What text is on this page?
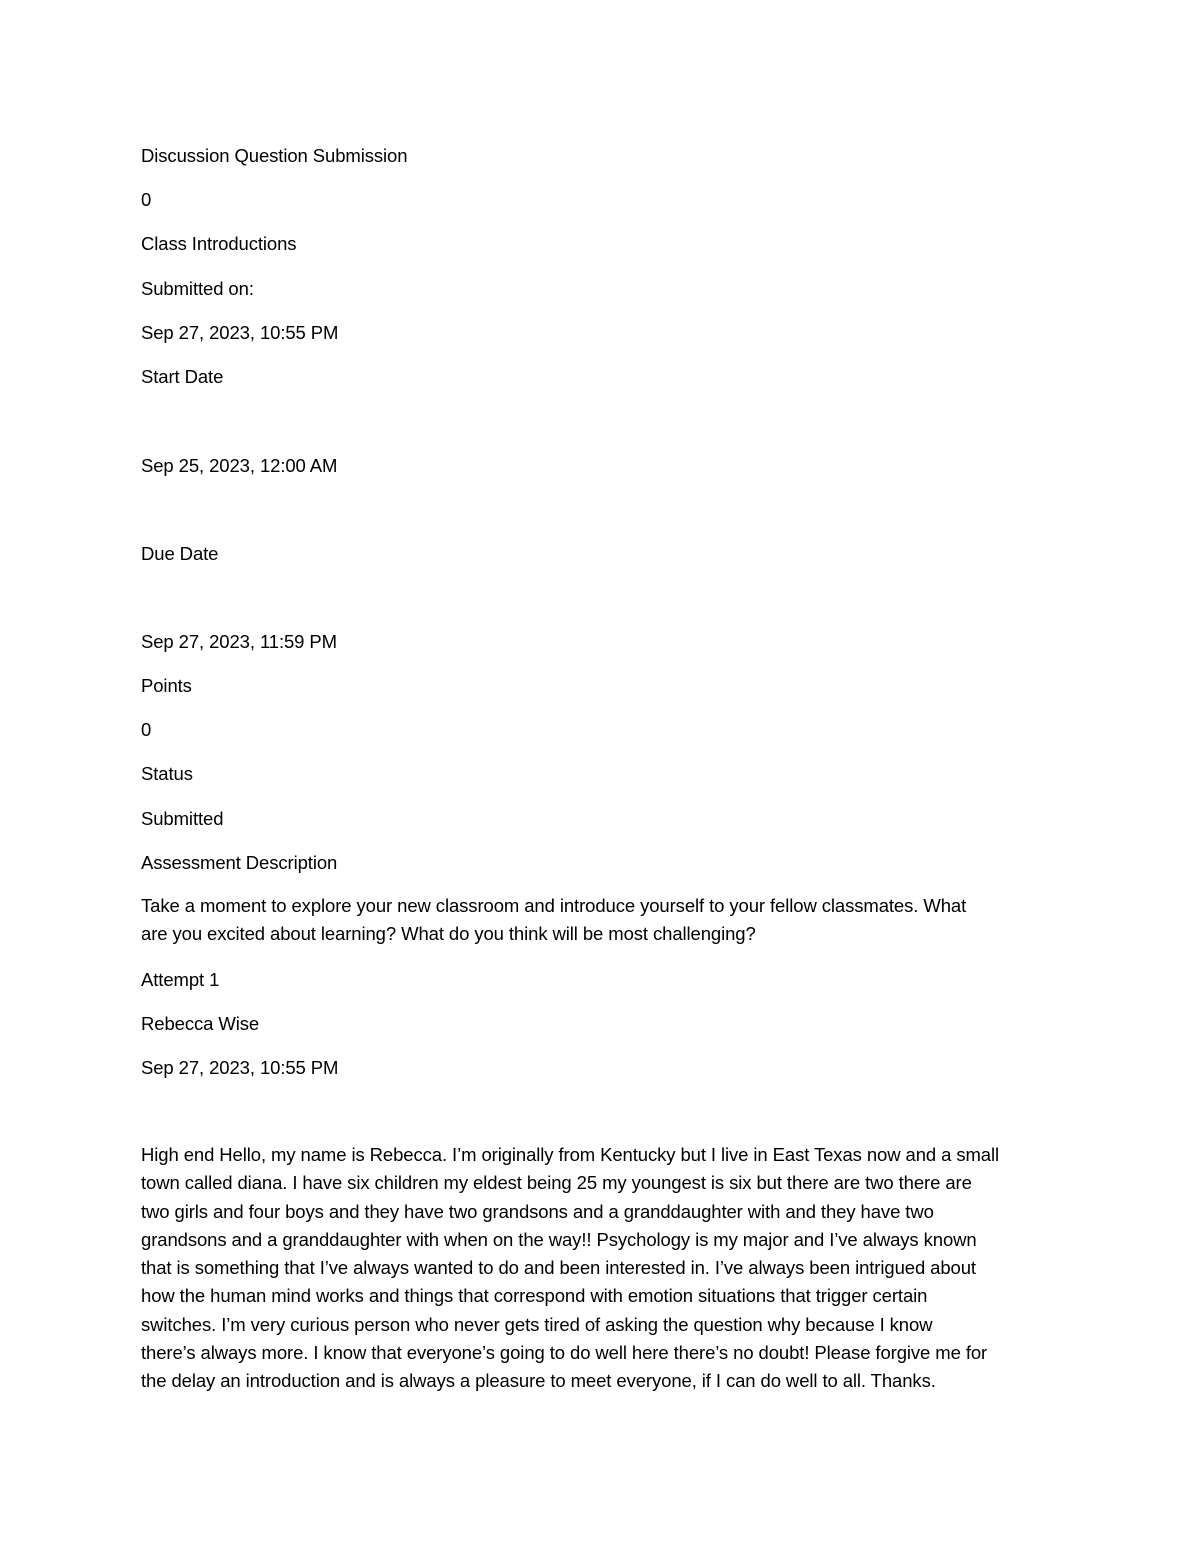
Discussion Question Submission
0
Class Introductions
Submitted on:
Sep 27, 2023, 10:55 PM
Start Date
Sep 25, 2023, 12:00 AM
Due Date
Sep 27, 2023, 11:59 PM
Points
0
Status
Submitted
Assessment Description
Take a moment to explore your new classroom and introduce yourself to your fellow classmates. What
are you excited about learning? What do you think will be most challenging?
Attempt 1
Rebecca Wise
Sep 27, 2023, 10:55 PM
High end Hello, my name is Rebecca. I’m originally from Kentucky but I live in East Texas now and a small
town called diana. I have six children my eldest being 25 my youngest is six but there are two there are
two girls and four boys and they have two grandsons and a granddaughter with and they have two
grandsons and a granddaughter with when on the way!! Psychology is my major and I’ve always known
that is something that I’ve always wanted to do and been interested in. I’ve always been intrigued about
how the human mind works and things that correspond with emotion situations that trigger certain
switches. I’m very curious person who never gets tired of asking the question why because I know
there’s always more. I know that everyone’s going to do well here there’s no doubt! Please forgive me for
the delay an introduction and is always a pleasure to meet everyone, if I can do well to all. Thanks.
